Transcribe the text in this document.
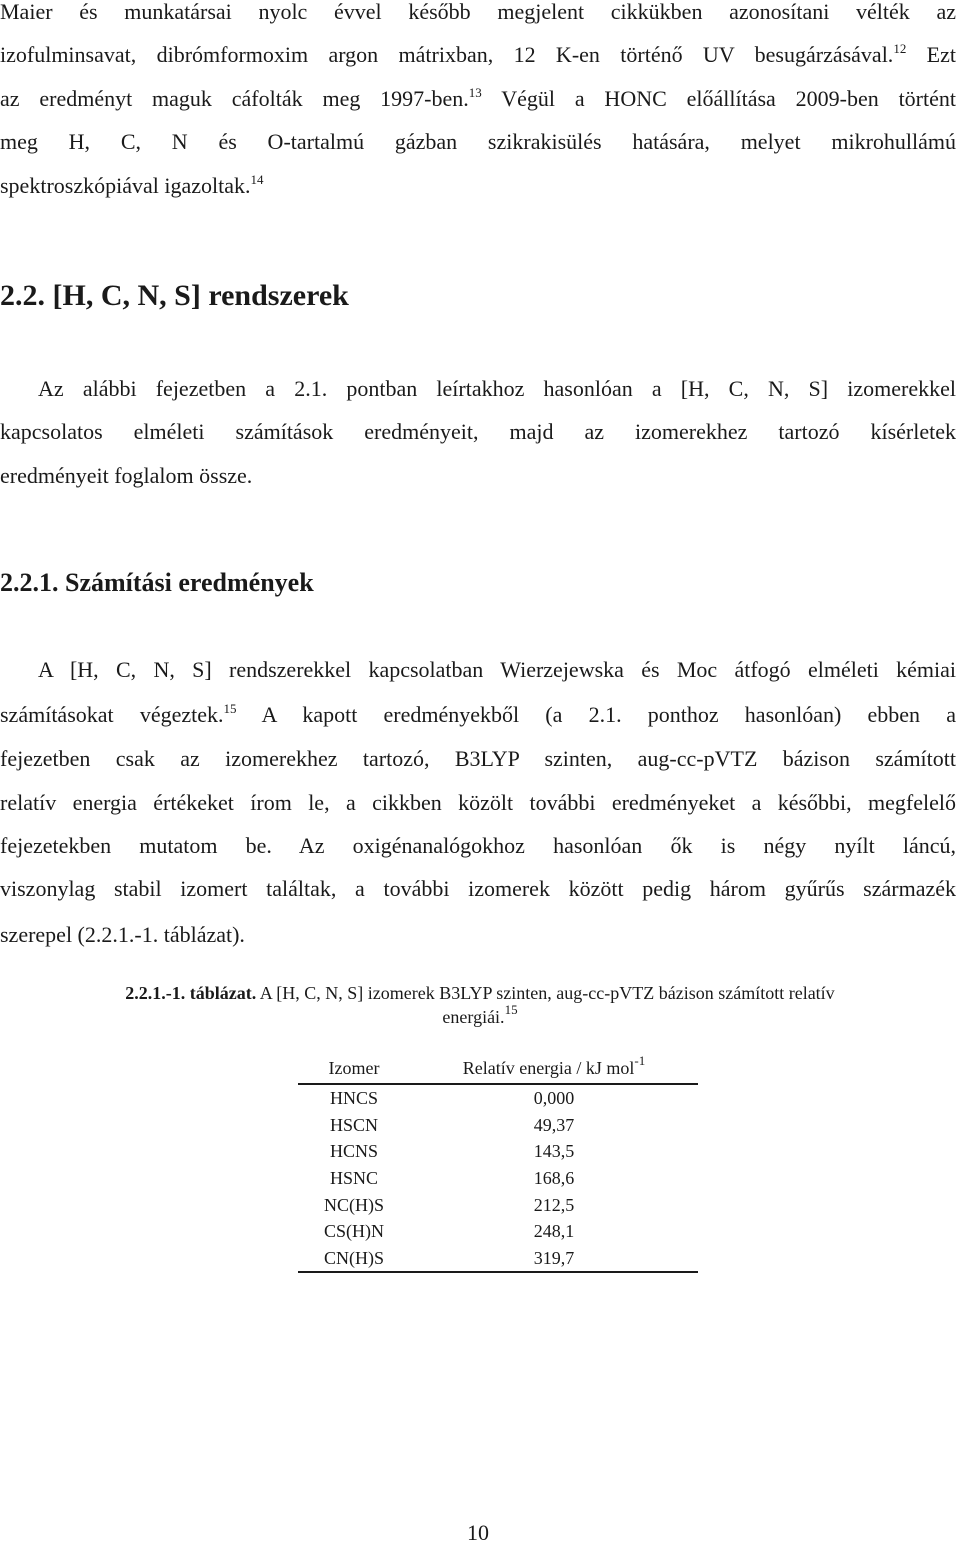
Maier és munkatársai nyolc évvel később megjelent cikkükben azonosítani vélték az
izofulminsavat, dibrómformoxim argon mátrixban, 12 K-en történő UV besugárzásával.$^{12}$ Ezt
az eredményt maguk cáfolták meg 1997-ben.$^{13}$ Végül a HONC előállítása 2009-ben történt
meg H, C, N és O-tartalmú gázban szikrakisülés hatására, melyet mikrohullámú
spektroszkópiával igazoltak.$^{14}$
2.2. [H, C, N, S] rendszerek
Az alábbi fejezetben a 2.1. pontban leírtakhoz hasonlóan a [H, C, N, S] izomerekkel
kapcsolatos elméleti számítások eredményeit, majd az izomerekhez tartozó kísérletek
eredményeit foglalom össze.
2.2.1. Számítási eredmények
A [H, C, N, S] rendszerekkel kapcsolatban Wierzejewska és Moc átfogó elméleti kémiai
számításokat végeztek.$^{15}$ A kapott eredményekből (a 2.1. ponthoz hasonlóan) ebben a
fejezetben csak az izomerekhez tartozó, B3LYP szinten, aug-cc-pVTZ bázison számított
relatív energia értékeket írom le, a cikkben közölt további eredményeket a későbbi, megfelelő
fejezetekben mutatom be. Az oxigénanalógokhoz hasonlóan ők is négy nyílt láncú,
viszonylag stabil izomert találtak, a további izomerek között pedig három gyűrűs származék
szerepel (2.2.1.-1. táblázat).
2.2.1.-1. táblázat. A [H, C, N, S] izomerek B3LYP szinten, aug-cc-pVTZ bázison számított relatív
energiái.$^{15}$
Izomer	Relatív energia / kJ mol$^{-1}$
HNCS	0,000
HSCN	49,37
HCNS	143,5
HSNC	168,6
NC(H)S	212,5
CS(H)N	248,1
CN(H)S	319,7
10
